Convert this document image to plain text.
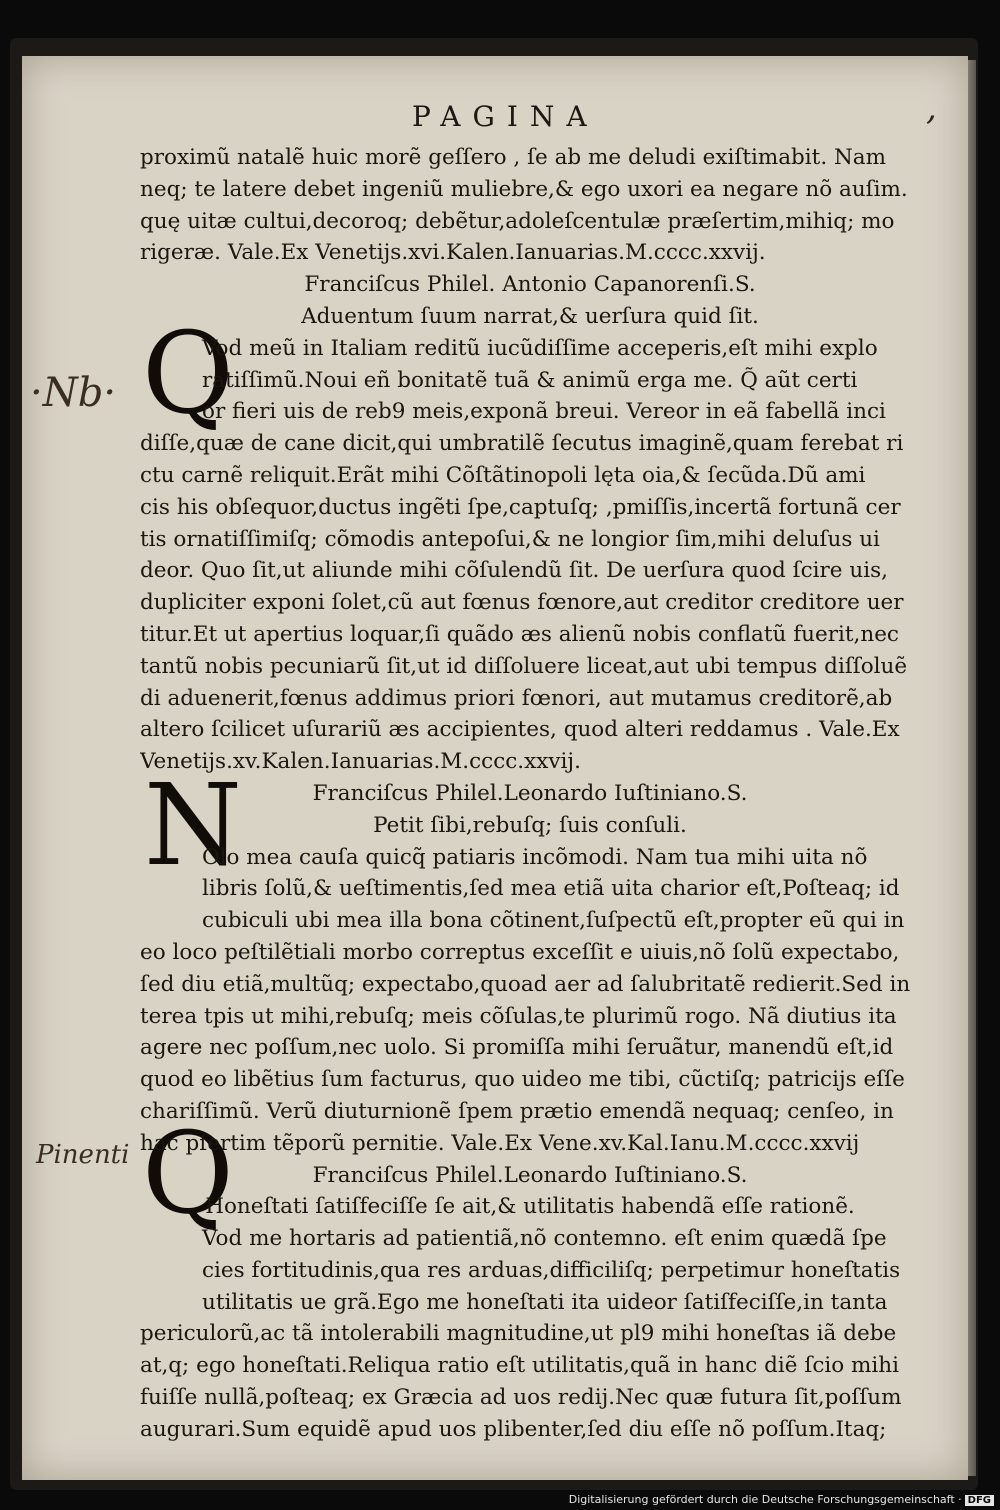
PAGINA	,
·Nb·
Pinenti
Q
N
Q
proximũ natalẽ huic morẽ geſſero , ſe ab me deludi exiſtimabit. Nam
neq; te latere debet ingeniũ muliebre,& ego uxori ea negare nõ auſim.
quę uitæ cultui,decoroq; debẽtur,adoleſcentulæ præſertim,mihiq; mo
rigeræ. Vale.Ex Venetijs.xvi.Kalen.Ianuarias.M.cccc.xxvij.
Franciſcus Philel. Antonio Capanorenſi.S.
Aduentum ſuum narrat,& uerſura quid ſit.
Vod meũ in Italiam reditũ iucũdiſſime acceperis,eſt mihi explo
ratiſſimũ.Noui eñ bonitatẽ tuã & animũ erga me. Q̃ aũt certi
or fieri uis de reb9 meis,exponã breui. Vereor in eã fabellã inci
diſſe,quæ de cane dicit,qui umbratilẽ ſecutus imaginẽ,quam ferebat ri
ctu carnẽ reliquit.Erãt mihi Cõſtãtinopoli lęta oia,& ſecũda.Dũ ami
cis his obſequor,ductus ingẽti ſpe,captuſq; ,pmiſſis,incertã fortunã cer
tis ornatiſſimiſq; cõmodis antepoſui,& ne longior ſim,mihi deluſus ui
deor. Quo ſit,ut aliunde mihi cõſulendũ ſit. De uerſura quod ſcire uis,
dupliciter exponi ſolet,cũ aut fœnus fœnore,aut creditor creditore uer
titur.Et ut apertius loquar,ſi quãdo æs alienũ nobis conflatũ fuerit,nec
tantũ nobis pecuniarũ ſit,ut id diſſoluere liceat,aut ubi tempus diſſoluẽ
di aduenerit,fœnus addimus priori fœnori, aut mutamus creditorẽ,ab
altero ſcilicet uſurariũ æs accipientes, quod alteri reddamus . Vale.Ex
Venetijs.xv.Kalen.Ianuarias.M.cccc.xxvij.
Franciſcus Philel.Leonardo Iuſtiniano.S.
Petit ſibi,rebuſq; ſuis conſuli.
Olo mea cauſa quicq̃ patiaris incõmodi. Nam tua mihi uita nõ
libris ſolũ,& ueſtimentis,ſed mea etiã uita charior eſt,Poſteaq; id
cubiculi ubi mea illa bona cõtinent,ſuſpectũ eſt,propter eũ qui in
eo loco peſtilẽtiali morbo correptus exceſſit e uiuis,nõ ſolũ expectabo,
ſed diu etiã,multũq; expectabo,quoad aer ad ſalubritatẽ redierit.Sed in
terea tpis ut mihi,rebuſq; meis cõſulas,te plurimũ rogo. Nã diutius ita
agere nec poſſum,nec uolo. Si promiſſa mihi ſeruãtur, manendũ eſt,id
quod eo libẽtius ſum facturus, quo uideo me tibi, cũctiſq; patricijs eſſe
chariſſimũ. Verũ diuturnionẽ ſpem prætio emendã nequaq; cenſeo, in
hac pſertim tẽporũ pernitie. Vale.Ex Vene.xv.Kal.Ianu.M.cccc.xxvij
Franciſcus Philel.Leonardo Iuſtiniano.S.
Honeſtati ſatiſfeciſſe ſe ait,& utilitatis habendã eſſe rationẽ.
Vod me hortaris ad patientiã,nõ contemno. eſt enim quædã ſpe
cies fortitudinis,qua res arduas,difficiliſq; perpetimur honeſtatis
utilitatis ue grã.Ego me honeſtati ita uideor ſatiſfeciſſe,in tanta
periculorũ,ac tã intolerabili magnitudine,ut pl9 mihi honeſtas iã debe
at,q; ego honeſtati.Reliqua ratio eſt utilitatis,quã in hanc diẽ ſcio mihi
fuiſſe nullã,poſteaq; ex Græcia ad uos redij.Nec quæ futura ſit,poſſum
augurari.Sum equidẽ apud uos plibenter,ſed diu eſſe nõ poſſum.Itaq;
Digitalisierung gefördert durch die Deutsche Forschungsgemeinschaft · DFG
